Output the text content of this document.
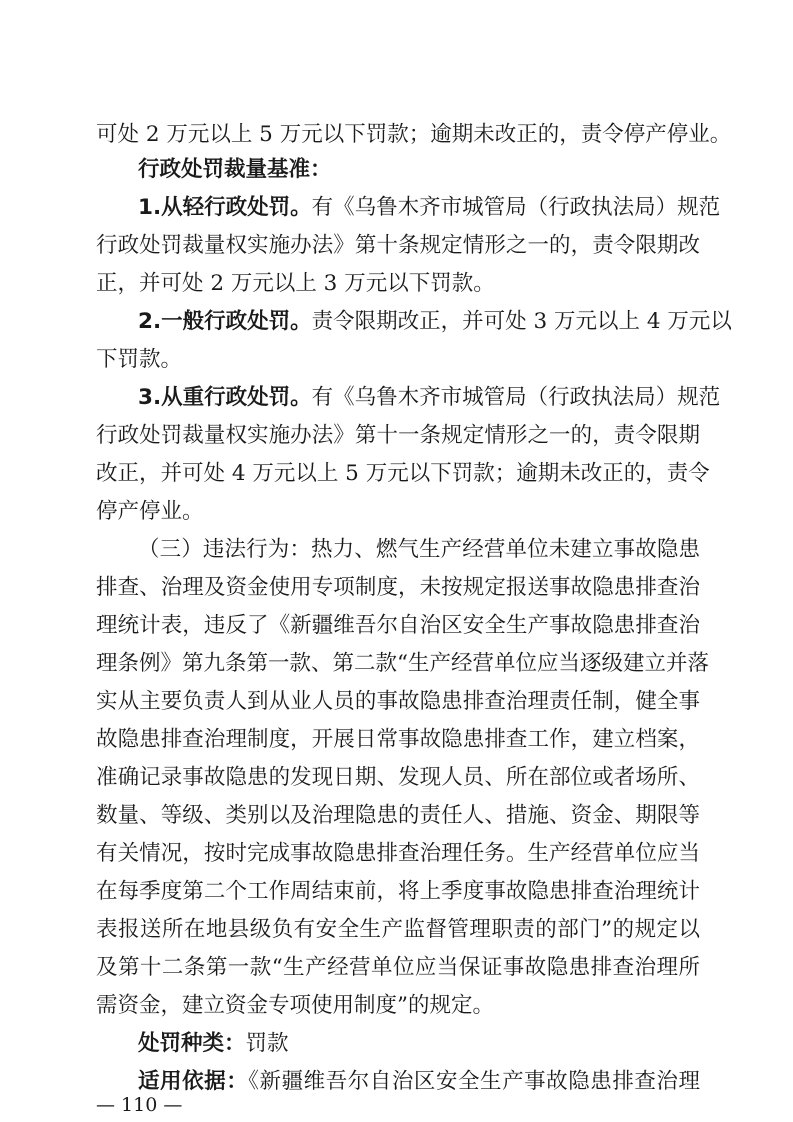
可处 2 万元以上 5 万元以下罚款；逾期未改正的，责令停产停业。
行政处罚裁量基准：
1.从轻行政处罚。有《乌鲁木齐市城管局（行政执法局）规范
行政处罚裁量权实施办法》第十条规定情形之一的，责令限期改
正，并可处 2 万元以上 3 万元以下罚款。
2.一般行政处罚。责令限期改正，并可处 3 万元以上 4 万元以
下罚款。
3.从重行政处罚。有《乌鲁木齐市城管局（行政执法局）规范
行政处罚裁量权实施办法》第十一条规定情形之一的，责令限期
改正，并可处 4 万元以上 5 万元以下罚款；逾期未改正的，责令
停产停业。
（三）违法行为：热力、燃气生产经营单位未建立事故隐患
排查、治理及资金使用专项制度，未按规定报送事故隐患排查治
理统计表，违反了《新疆维吾尔自治区安全生产事故隐患排查治
理条例》第九条第一款、第二款“生产经营单位应当逐级建立并落
实从主要负责人到从业人员的事故隐患排查治理责任制，健全事
故隐患排查治理制度，开展日常事故隐患排查工作，建立档案，
准确记录事故隐患的发现日期、发现人员、所在部位或者场所、
数量、等级、类别以及治理隐患的责任人、措施、资金、期限等
有关情况，按时完成事故隐患排查治理任务。生产经营单位应当
在每季度第二个工作周结束前，将上季度事故隐患排查治理统计
表报送所在地县级负有安全生产监督管理职责的部门”的规定以
及第十二条第一款“生产经营单位应当保证事故隐患排查治理所
需资金，建立资金专项使用制度”的规定。
处罚种类：罚款
适用依据：《新疆维吾尔自治区安全生产事故隐患排查治理
— 110 —
